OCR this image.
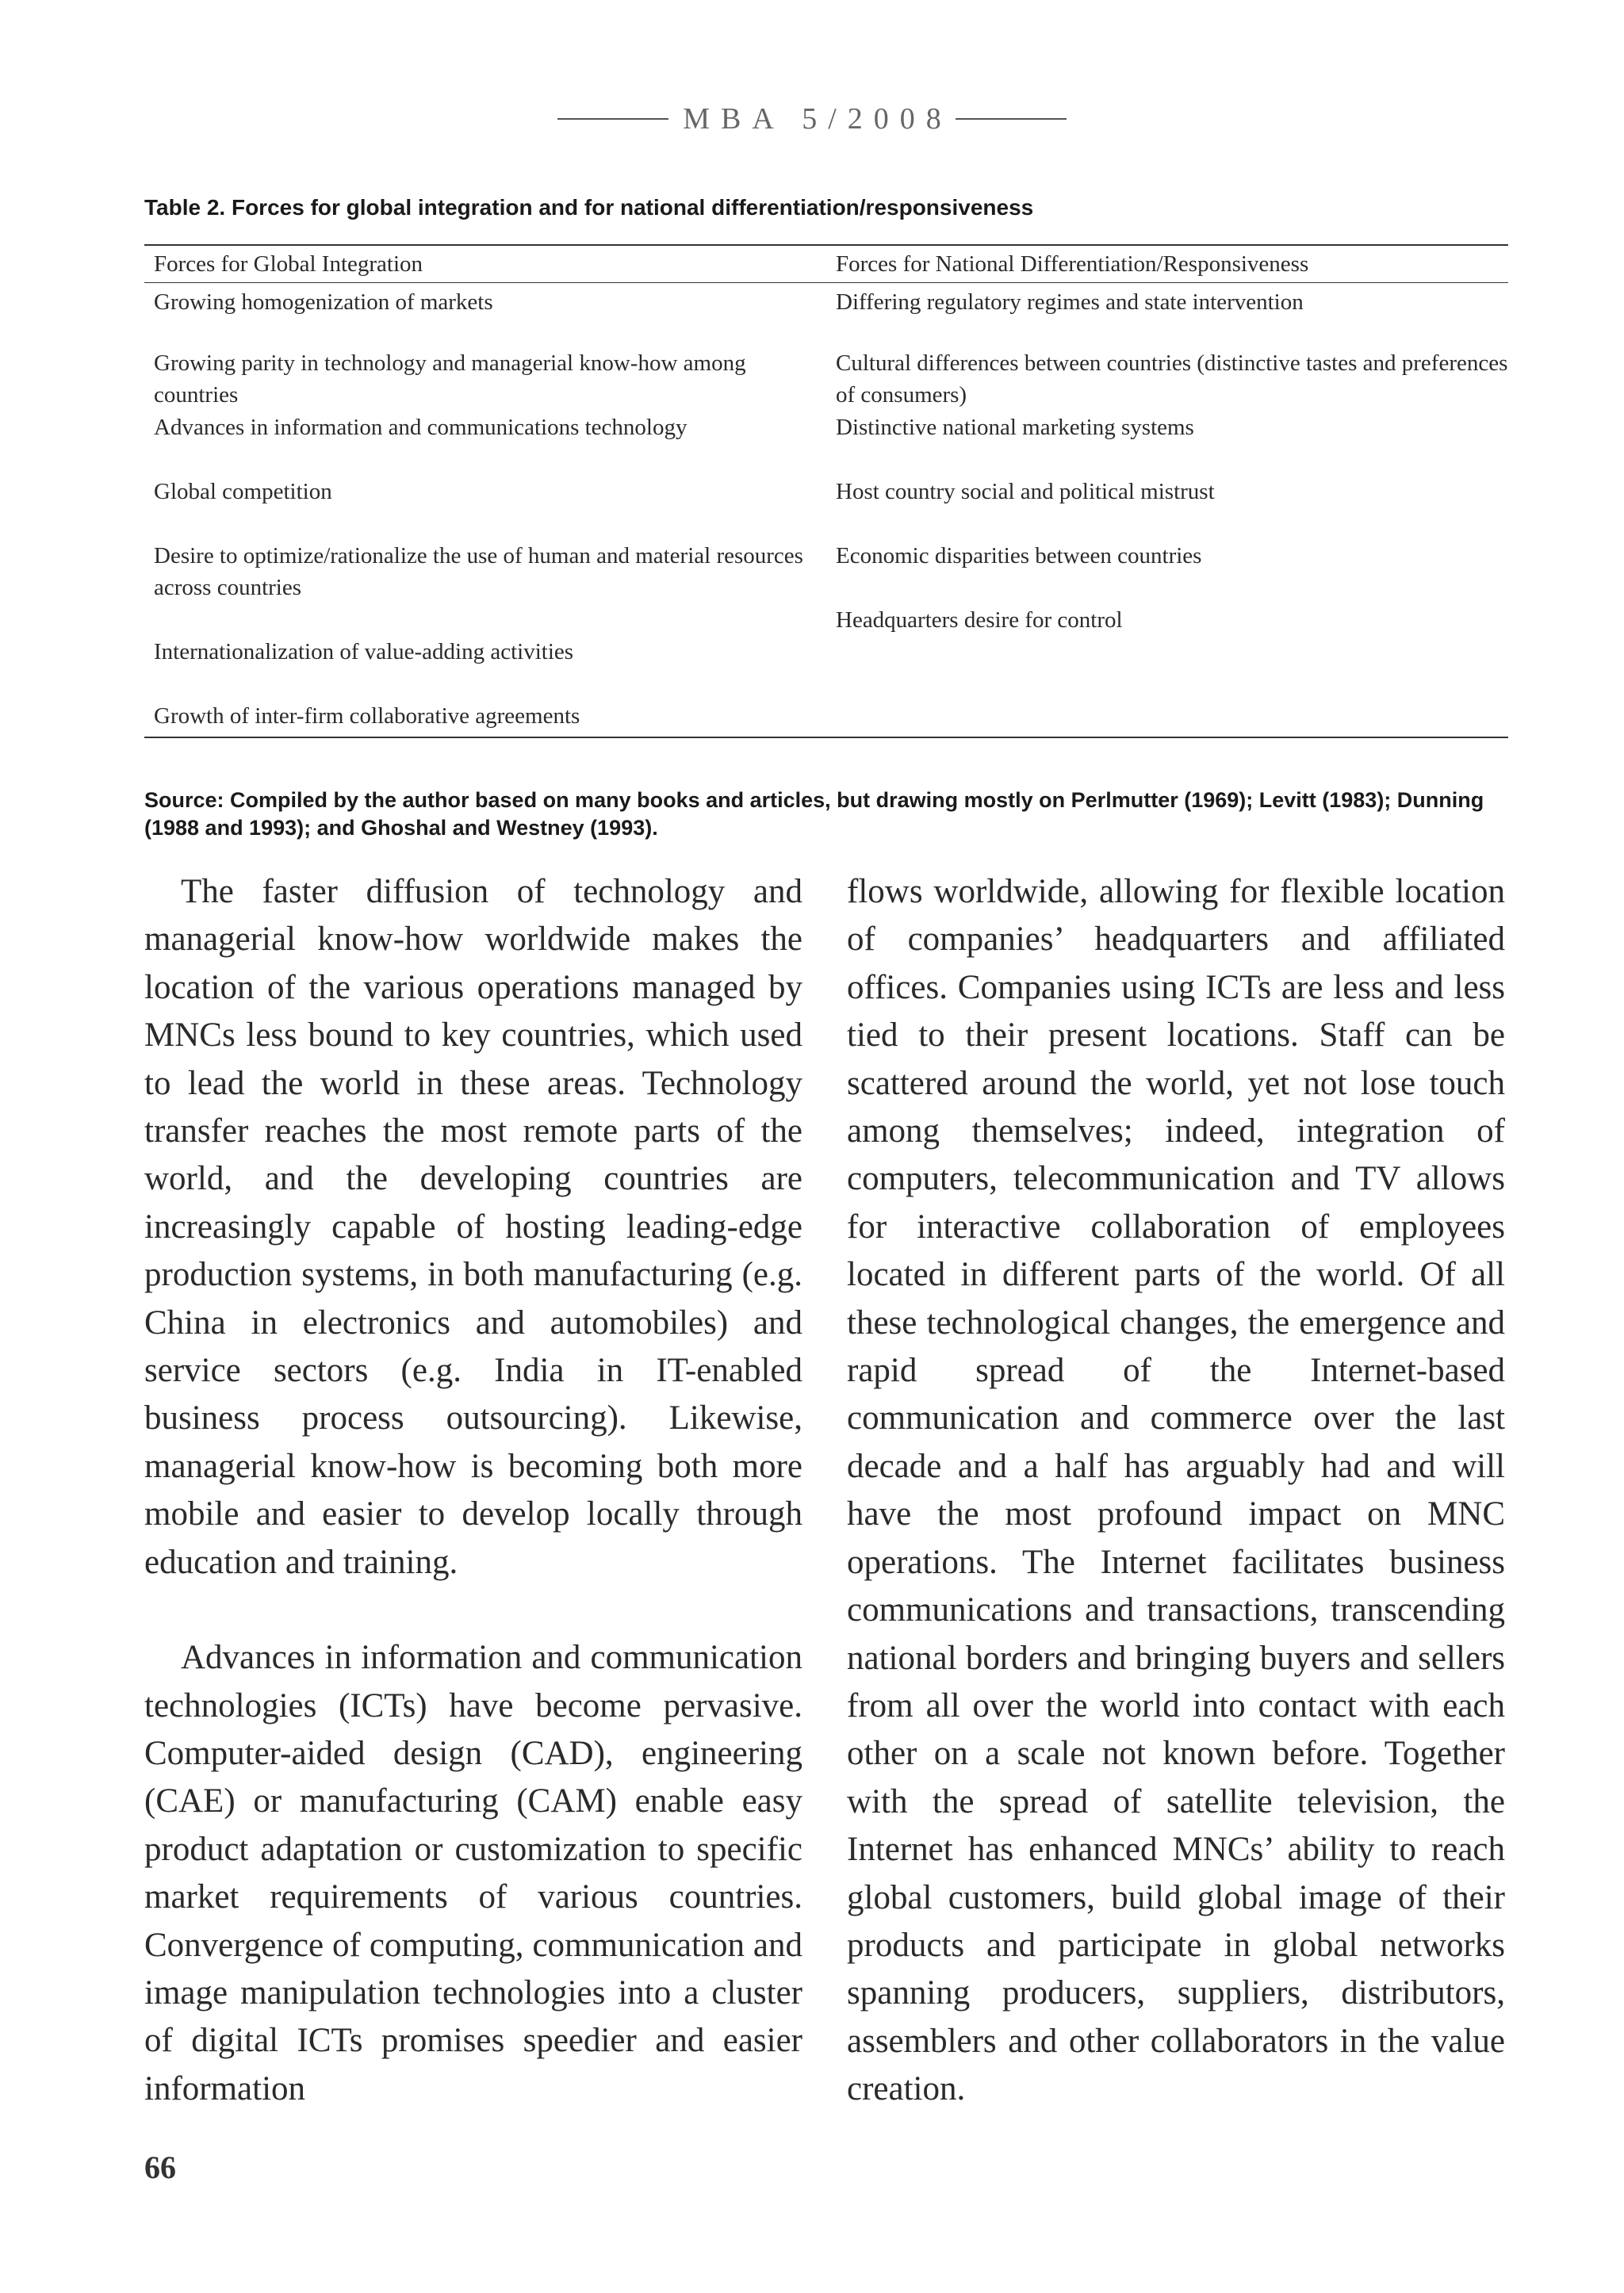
MBA 5/2008
Table 2. Forces for global integration and for national differentiation/responsiveness
Forces for Global Integration	Forces for National Differentiation/Responsiveness
Growing homogenization of markets
Growing parity in technology and managerial know-how among countries
Advances in information and communications technology
Global competition
Desire to optimize/rationalize the use of human and material resources across countries
Internationalization of value-adding activities
Growth of inter-firm collaborative agreements
Differing regulatory regimes and state intervention
Cultural differences between countries (distinctive tastes and preferences of consumers)
Distinctive national marketing systems
Host country social and political mistrust
Economic disparities between countries
Headquarters desire for control
Source: Compiled by the author based on many books and articles, but drawing mostly on Perlmutter (1969); Levitt (1983); Dunning (1988 and 1993); and Ghoshal and Westney (1993).

The faster diffusion of technology and managerial know-how worldwide makes the location of the various operations managed by MNCs less bound to key countries, which used to lead the world in these areas. Technology transfer reaches the most remote parts of the world, and the developing countries are increasingly capable of hosting leading-edge production systems, in both manufacturing (e.g. China in electronics and automobiles) and service sectors (e.g. India in IT-enabled business process outsourcing). Likewise, managerial know-how is becoming both more mobile and easier to develop locally through education and training.

Advances in information and communication technologies (ICTs) have become pervasive. Computer-aided design (CAD), engineering (CAE) or manufacturing (CAM) enable easy product adaptation or customization to specific market requirements of various countries. Convergence of computing, communication and image manipulation technologies into a cluster of digital ICTs promises speedier and easier information

flows worldwide, allowing for flexible location of companies’ headquarters and affiliated offices. Companies using ICTs are less and less tied to their present locations. Staff can be scattered around the world, yet not lose touch among themselves; indeed, integration of computers, telecommunication and TV allows for interactive collaboration of employees located in different parts of the world. Of all these technological changes, the emergence and rapid spread of the Internet-based communication and commerce over the last decade and a half has arguably had and will have the most profound impact on MNC operations. The Internet facilitates business communications and transactions, transcending national borders and bringing buyers and sellers from all over the world into contact with each other on a scale not known before. Together with the spread of satellite television, the Internet has enhanced MNCs’ ability to reach global customers, build global image of their products and participate in global networks spanning producers, suppliers, distributors, assemblers and other collaborators in the value creation.

66
